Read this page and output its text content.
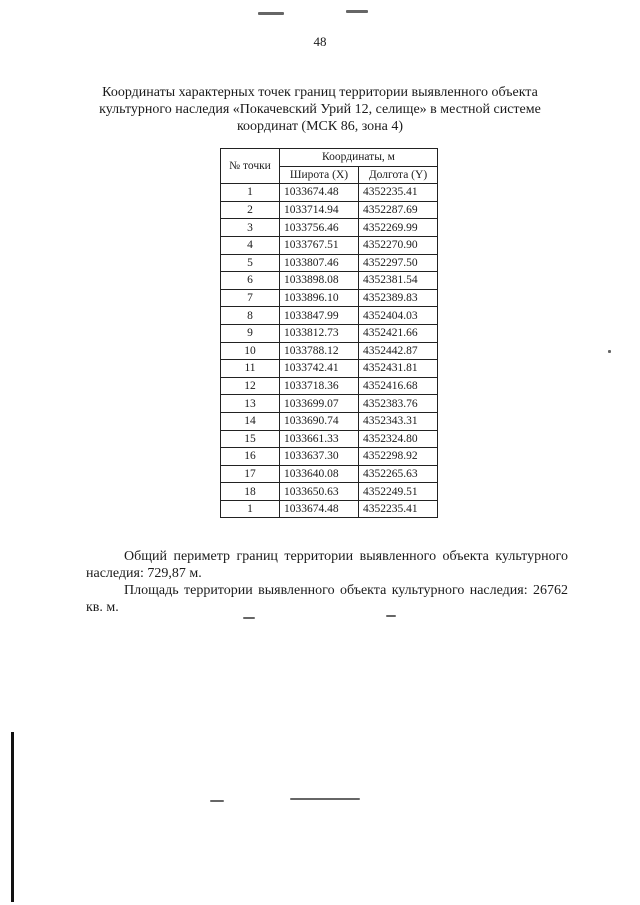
48
Координаты характерных точек границ территории выявленного объекта культурного наследия «Покачевский Урий 12, селище» в местной системе координат (МСК 86, зона 4)
№ точки	Координаты, м	
	Широта (X)	Долгота (Y)
1	1033674.48	4352235.41
2	1033714.94	4352287.69
3	1033756.46	4352269.99
4	1033767.51	4352270.90
5	1033807.46	4352297.50
6	1033898.08	4352381.54
7	1033896.10	4352389.83
8	1033847.99	4352404.03
9	1033812.73	4352421.66
10	1033788.12	4352442.87
11	1033742.41	4352431.81
12	1033718.36	4352416.68
13	1033699.07	4352383.76
14	1033690.74	4352343.31
15	1033661.33	4352324.80
16	1033637.30	4352298.92
17	1033640.08	4352265.63
18	1033650.63	4352249.51
1	1033674.48	4352235.41
Общий периметр границ территории выявленного объекта культурного наследия: 729,87 м.
Площадь территории выявленного объекта культурного наследия: 26762 кв. м.
